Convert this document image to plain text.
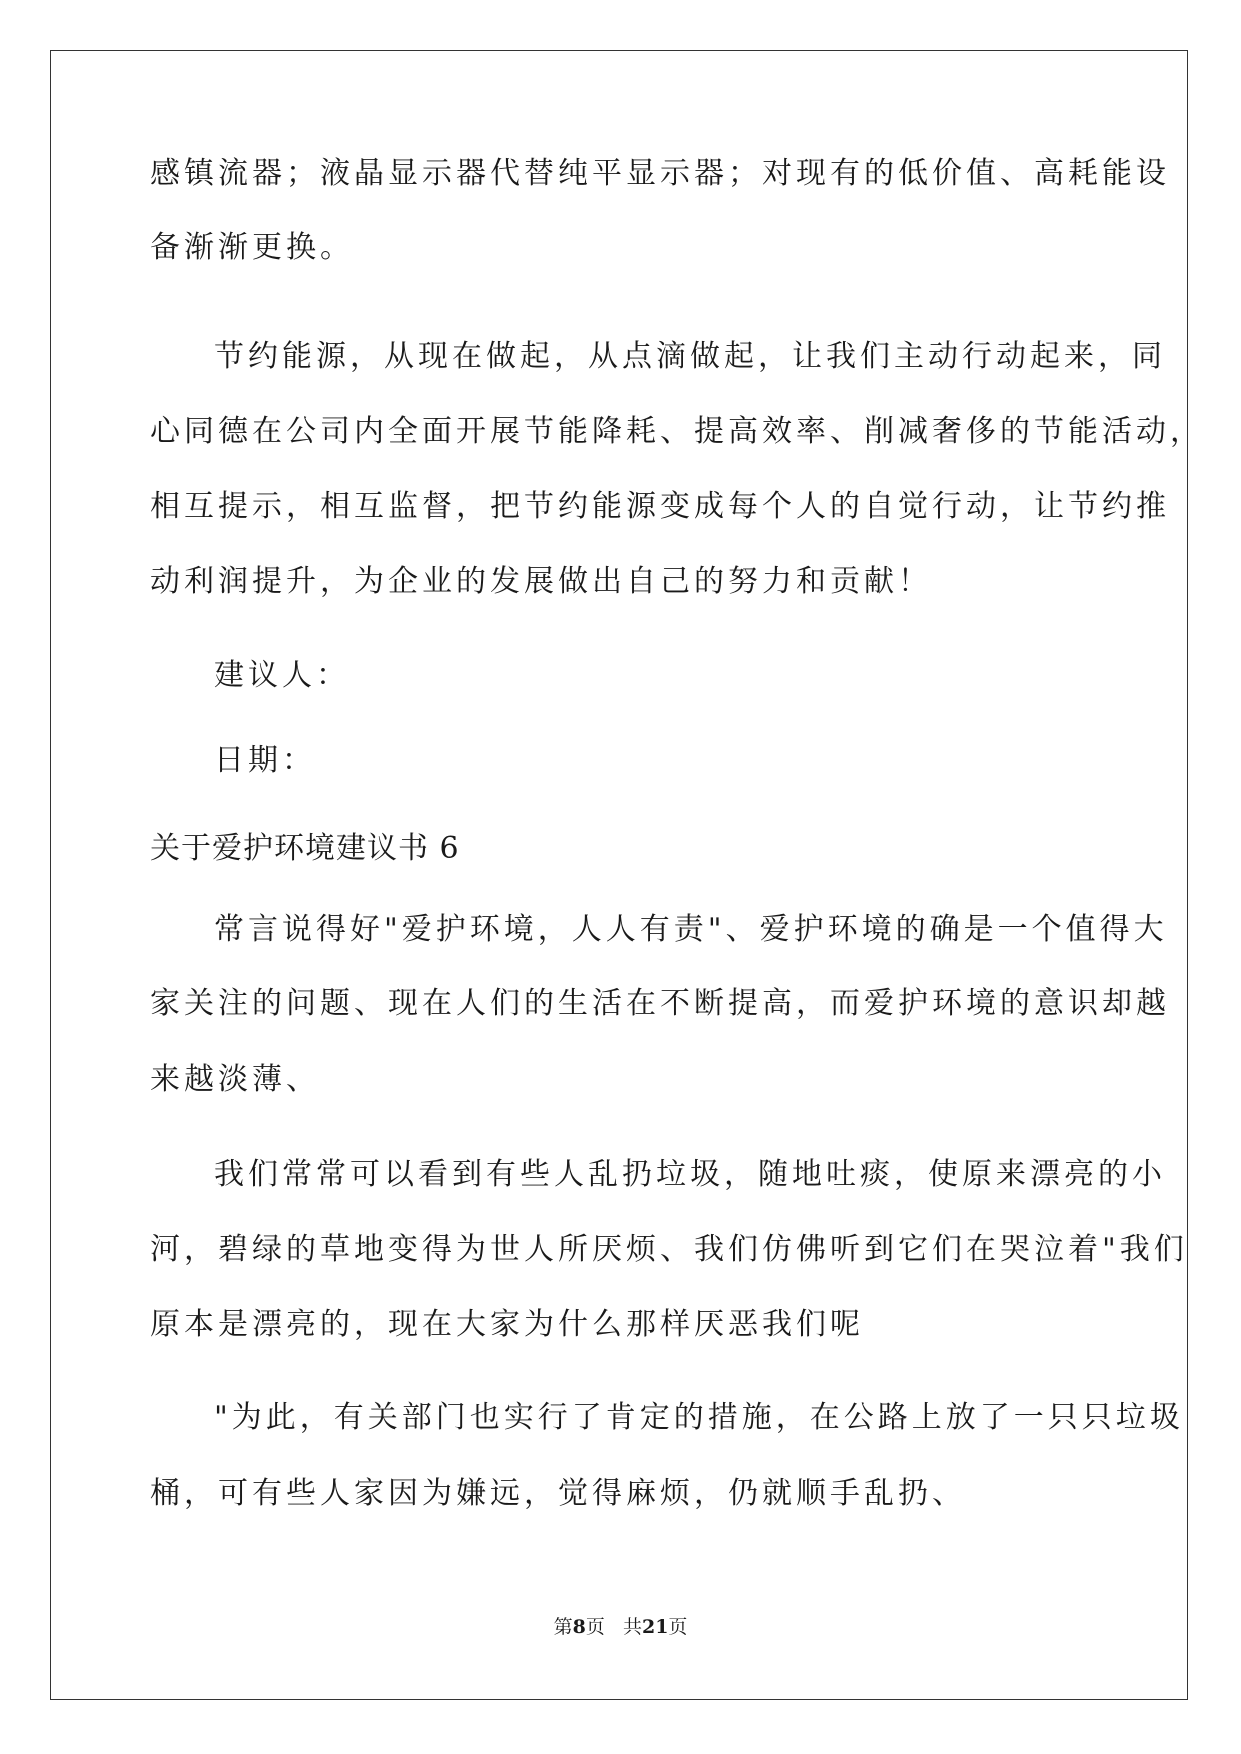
感镇流器；液晶显示器代替纯平显示器；对现有的低价值、高耗能设
备渐渐更换。
节约能源，从现在做起，从点滴做起，让我们主动行动起来，同
心同德在公司内全面开展节能降耗、提高效率、削减奢侈的节能活动，
相互提示，相互监督，把节约能源变成每个人的自觉行动，让节约推
动利润提升，为企业的发展做出自己的努力和贡献！
建议人：
日期：
关于爱护环境建议书 6
常言说得好"爱护环境，人人有责"、爱护环境的确是一个值得大
家关注的问题、现在人们的生活在不断提高，而爱护环境的意识却越
来越淡薄、
我们常常可以看到有些人乱扔垃圾，随地吐痰，使原来漂亮的小
河，碧绿的草地变得为世人所厌烦、我们仿佛听到它们在哭泣着"我们
原本是漂亮的，现在大家为什么那样厌恶我们呢
"为此，有关部门也实行了肯定的措施，在公路上放了一只只垃圾
桶，可有些人家因为嫌远，觉得麻烦，仍就顺手乱扔、
第8页 共21页
